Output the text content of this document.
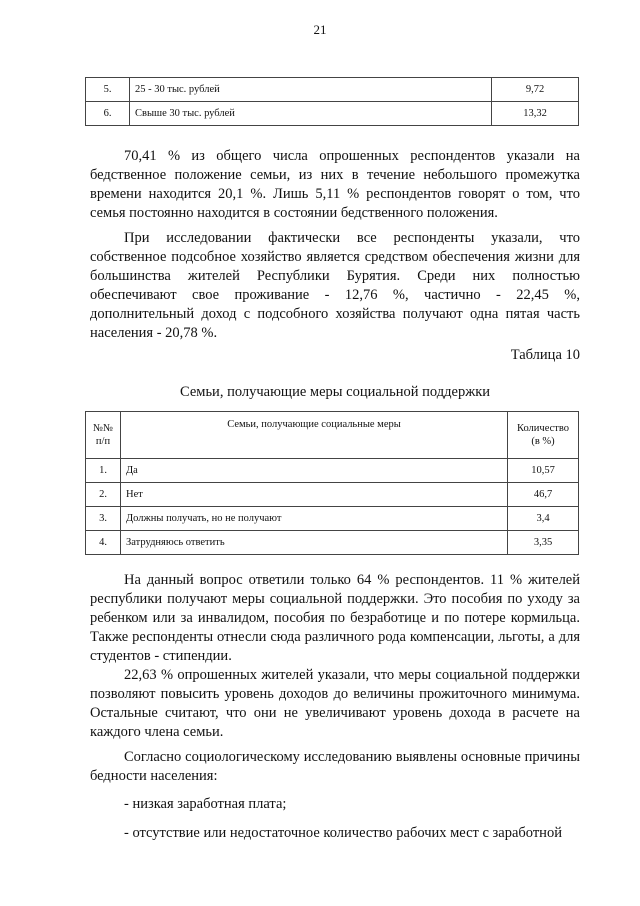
21
5.	25 - 30 тыс. рублей	9,72
6.	Свыше 30 тыс. рублей	13,32

70,41 % из общего числа опрошенных респондентов указали на бедственное положение семьи, из них в течение небольшого промежутка времени находится 20,1 %. Лишь 5,11 % респондентов говорят о том, что семья постоянно находится в состоянии бедственного положения.

При исследовании фактически все респонденты указали, что собственное подсобное хозяйство является средством обеспечения жизни для большинства жителей Республики Бурятия. Среди них полностью обеспечивают свое проживание - 12,76 %, частично - 22,45 %, дополнительный доход с подсобного хозяйства получают одна пятая часть населения - 20,78 %.

Таблица 10
Семьи, получающие меры социальной поддержки
№№ п/п	Семьи, получающие социальные меры	Количество (в %)
1.	Да	10,57
2.	Нет	46,7
3.	Должны получать, но не получают	3,4
4.	Затрудняюсь ответить	3,35

На данный вопрос ответили только 64 % респондентов. 11 % жителей республики получают меры социальной поддержки. Это пособия по уходу за ребенком или за инвалидом, пособия по безработице и по потере кормильца. Также респонденты отнесли сюда различного рода компенсации, льготы, а для студентов - стипендии.

22,63 % опрошенных жителей указали, что меры социальной поддержки позволяют повысить уровень доходов до величины прожиточного минимума. Остальные считают, что они не увеличивают уровень дохода в расчете на каждого члена семьи.

Согласно социологическому исследованию выявлены основные причины бедности населения:

- низкая заработная плата;

- отсутствие или недостаточное количество рабочих мест с заработной
